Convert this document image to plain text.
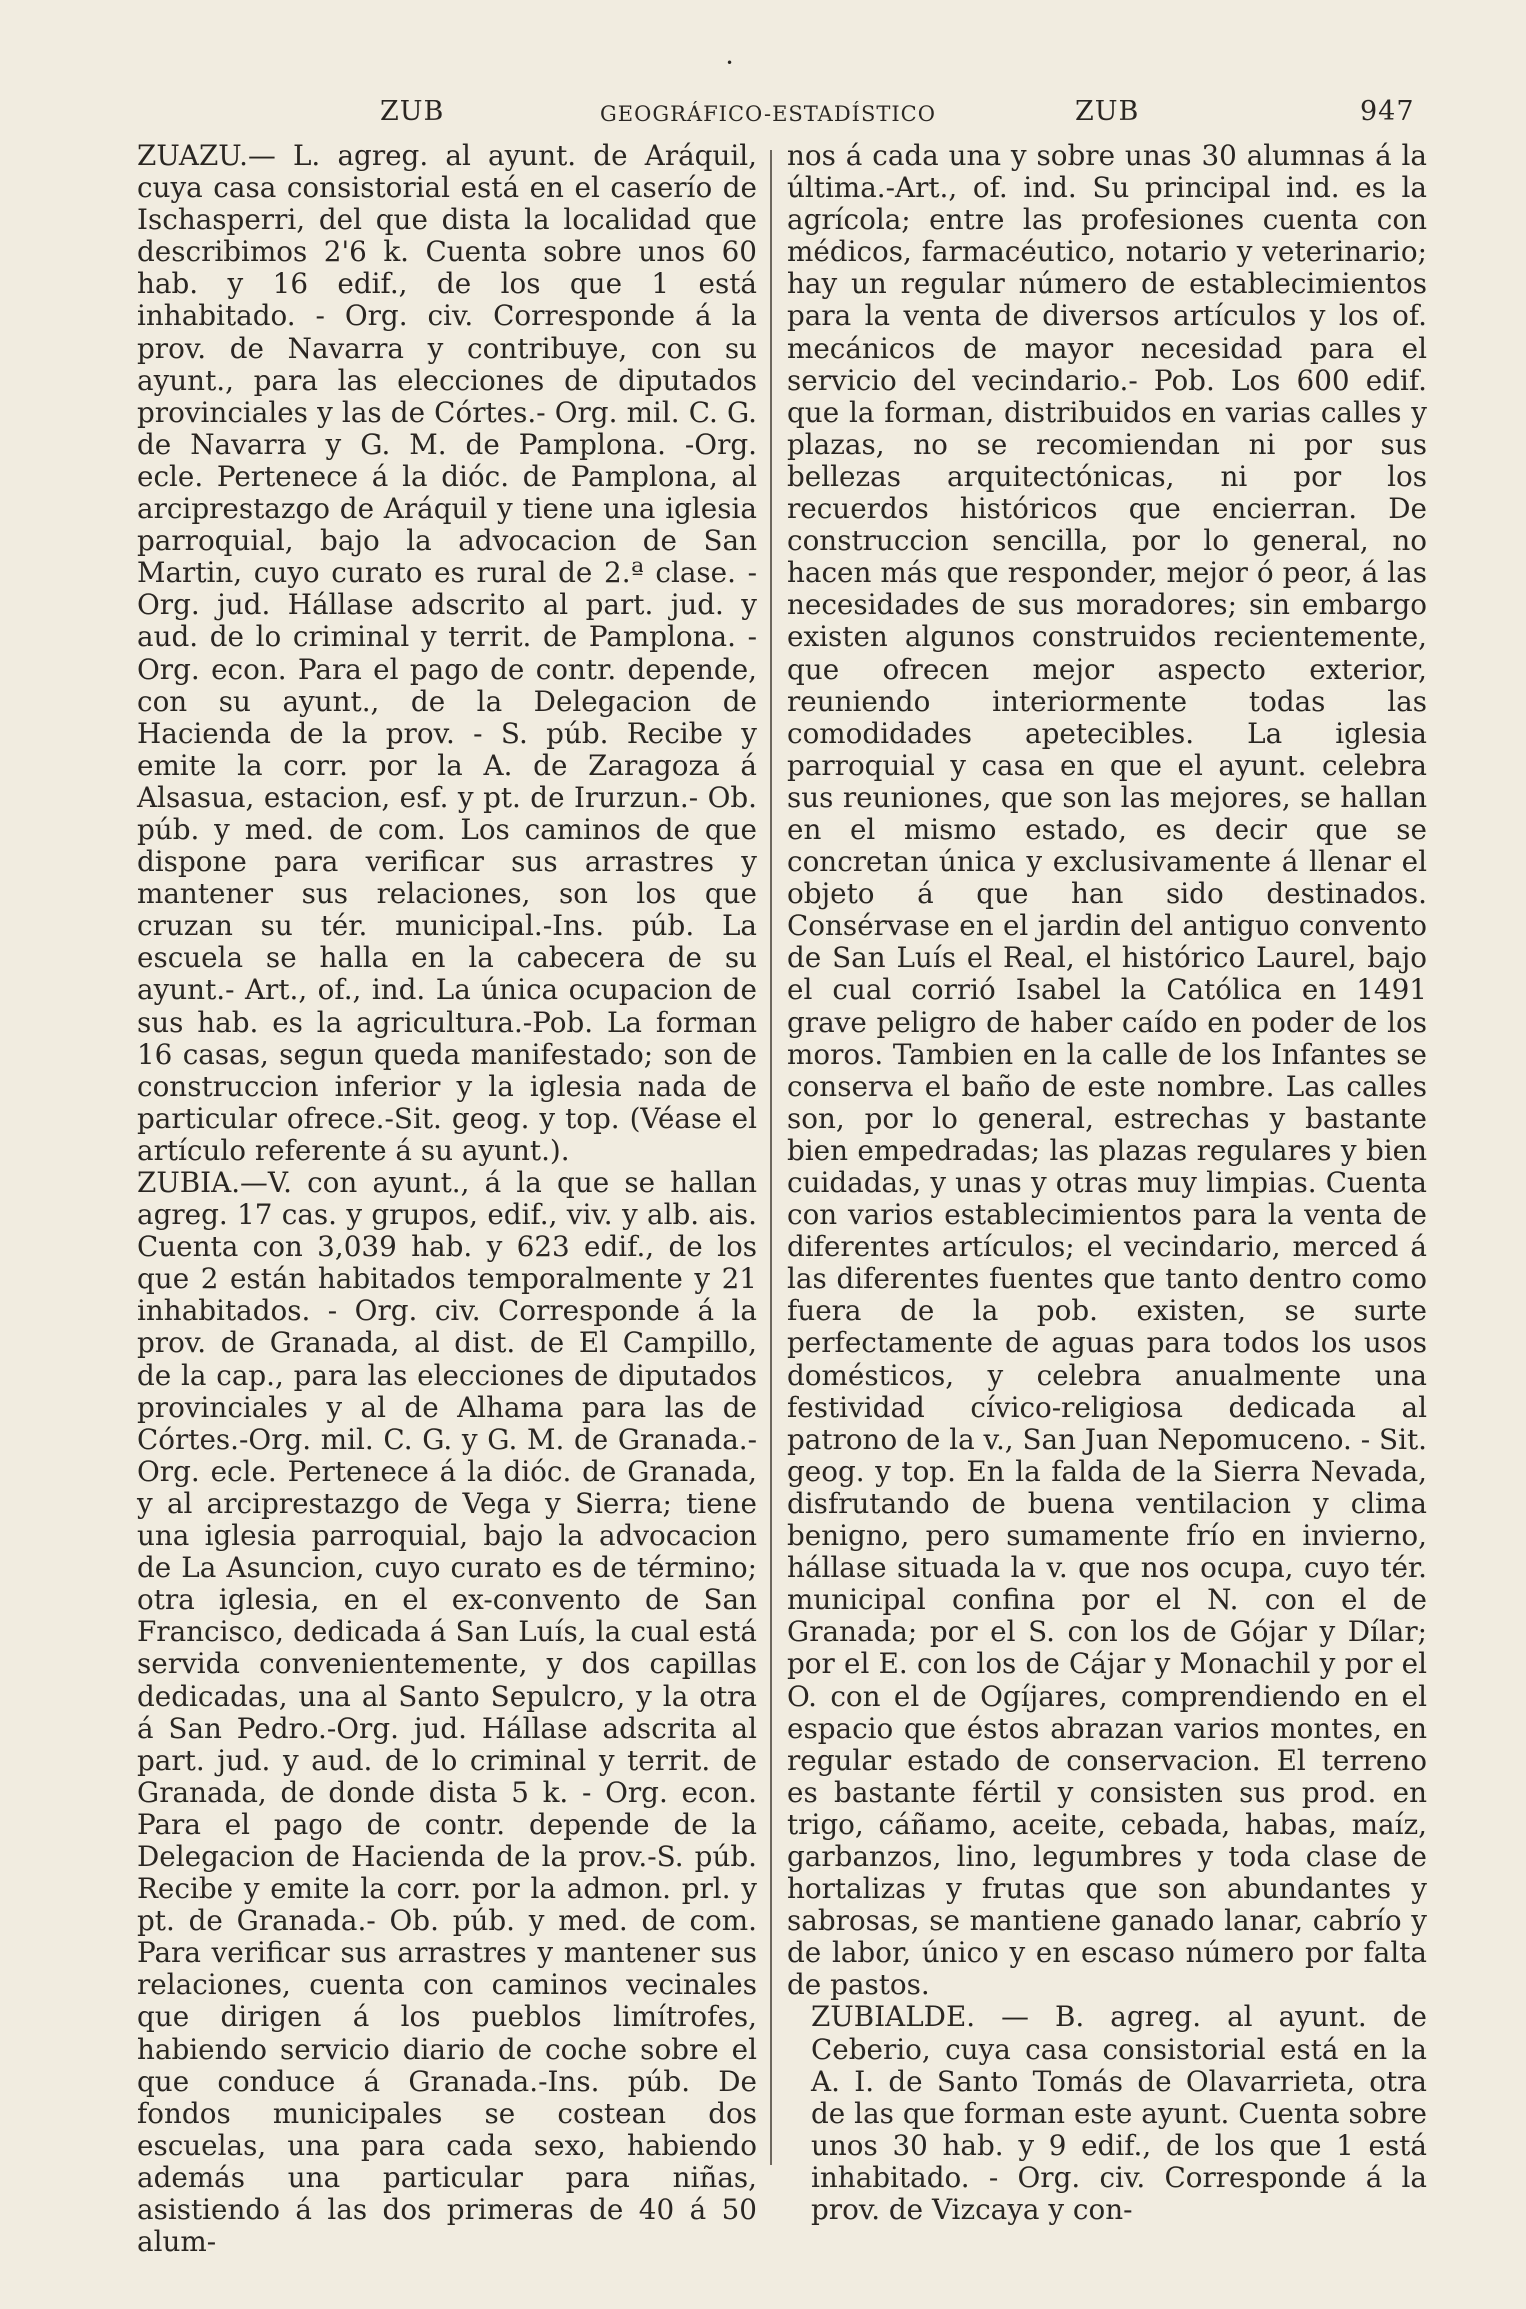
•
ZUB	GEOGRÁFICO-ESTADÍSTICO	ZUB	947
ZUAZU.— L. agreg. al ayunt. de Aráquil, cuya casa consistorial está en el caserío de Ischasperri, del que dista la localidad que describimos 2'6 k. Cuenta sobre unos 60 hab. y 16 edif., de los que 1 está inhabitado. - Org. civ. Corresponde á la prov. de Navarra y contribuye, con su ayunt., para las elecciones de diputados provinciales y las de Córtes.- Org. mil. C. G. de Navarra y G. M. de Pamplona. -Org. ecle. Pertenece á la dióc. de Pamplona, al arciprestazgo de Aráquil y tiene una iglesia parroquial, bajo la advocacion de San Martin, cuyo curato es rural de 2.ª clase. - Org. jud. Hállase adscrito al part. jud. y aud. de lo criminal y territ. de Pamplona. - Org. econ. Para el pago de contr. depende, con su ayunt., de la Delegacion de Hacienda de la prov. - S. púb. Recibe y emite la corr. por la A. de Zaragoza á Alsasua, estacion, esf. y pt. de Irurzun.- Ob. púb. y med. de com. Los caminos de que dispone para verificar sus arrastres y mantener sus relaciones, son los que cruzan su tér. municipal.-Ins. púb. La escuela se halla en la cabecera de su ayunt.- Art., of., ind. La única ocupacion de sus hab. es la agricultura.-Pob. La forman 16 casas, segun queda manifestado; son de construccion inferior y la iglesia nada de particular ofrece.-Sit. geog. y top. (Véase el artículo referente á su ayunt.).
ZUBIA.—V. con ayunt., á la que se hallan agreg. 17 cas. y grupos, edif., viv. y alb. ais. Cuenta con 3,039 hab. y 623 edif., de los que 2 están habitados temporalmente y 21 inhabitados. - Org. civ. Corresponde á la prov. de Granada, al dist. de El Campillo, de la cap., para las elecciones de diputados provinciales y al de Alhama para las de Córtes.-Org. mil. C. G. y G. M. de Granada.- Org. ecle. Pertenece á la dióc. de Granada, y al arciprestazgo de Vega y Sierra; tiene una iglesia parroquial, bajo la advocacion de La Asuncion, cuyo curato es de término; otra iglesia, en el ex-convento de San Francisco, dedicada á San Luís, la cual está servida convenientemente, y dos capillas dedicadas, una al Santo Sepulcro, y la otra á San Pedro.-Org. jud. Hállase adscrita al part. jud. y aud. de lo criminal y territ. de Granada, de donde dista 5 k. - Org. econ. Para el pago de contr. depende de la Delegacion de Hacienda de la prov.-S. púb. Recibe y emite la corr. por la admon. prl. y pt. de Granada.- Ob. púb. y med. de com. Para verificar sus arrastres y mantener sus relaciones, cuenta con caminos vecinales que dirigen á los pueblos limítrofes, habiendo servicio diario de coche sobre el que conduce á Granada.-Ins. púb. De fondos municipales se costean dos escuelas, una para cada sexo, habiendo además una particular para niñas, asistiendo á las dos primeras de 40 á 50 alum-
nos á cada una y sobre unas 30 alumnas á la última.-Art., of. ind. Su principal ind. es la agrícola; entre las profesiones cuenta con médicos, farmacéutico, notario y veterinario; hay un regular número de establecimientos para la venta de diversos artículos y los of. mecánicos de mayor necesidad para el servicio del vecindario.- Pob. Los 600 edif. que la forman, distribuidos en varias calles y plazas, no se recomiendan ni por sus bellezas arquitectónicas, ni por los recuerdos históricos que encierran. De construccion sencilla, por lo general, no hacen más que responder, mejor ó peor, á las necesidades de sus moradores; sin embargo existen algunos construidos recientemente, que ofrecen mejor aspecto exterior, reuniendo interiormente todas las comodidades apetecibles. La iglesia parroquial y casa en que el ayunt. celebra sus reuniones, que son las mejores, se hallan en el mismo estado, es decir que se concretan única y exclusivamente á llenar el objeto á que han sido destinados. Consérvase en el jardin del antiguo convento de San Luís el Real, el histórico Laurel, bajo el cual corrió Isabel la Católica en 1491 grave peligro de haber caído en poder de los moros. Tambien en la calle de los Infantes se conserva el baño de este nombre. Las calles son, por lo general, estrechas y bastante bien empedradas; las plazas regulares y bien cuidadas, y unas y otras muy limpias. Cuenta con varios establecimientos para la venta de diferentes artículos; el vecindario, merced á las diferentes fuentes que tanto dentro como fuera de la pob. existen, se surte perfectamente de aguas para todos los usos domésticos, y celebra anualmente una festividad cívico-religiosa dedicada al patrono de la v., San Juan Nepomuceno. - Sit. geog. y top. En la falda de la Sierra Nevada, disfrutando de buena ventilacion y clima benigno, pero sumamente frío en invierno, hállase situada la v. que nos ocupa, cuyo tér. municipal confina por el N. con el de Granada; por el S. con los de Gójar y Dílar; por el E. con los de Cájar y Monachil y por el O. con el de Ogíjares, comprendiendo en el espacio que éstos abrazan varios montes, en regular estado de conservacion. El terreno es bastante fértil y consisten sus prod. en trigo, cáñamo, aceite, cebada, habas, maíz, garbanzos, lino, legumbres y toda clase de hortalizas y frutas que son abundantes y sabrosas, se mantiene ganado lanar, cabrío y de labor, único y en escaso número por falta de pastos.
ZUBIALDE. — B. agreg. al ayunt. de Ceberio, cuya casa consistorial está en la A. I. de Santo Tomás de Olavarrieta, otra de las que forman este ayunt. Cuenta sobre unos 30 hab. y 9 edif., de los que 1 está inhabitado. - Org. civ. Corresponde á la prov. de Vizcaya y con-
